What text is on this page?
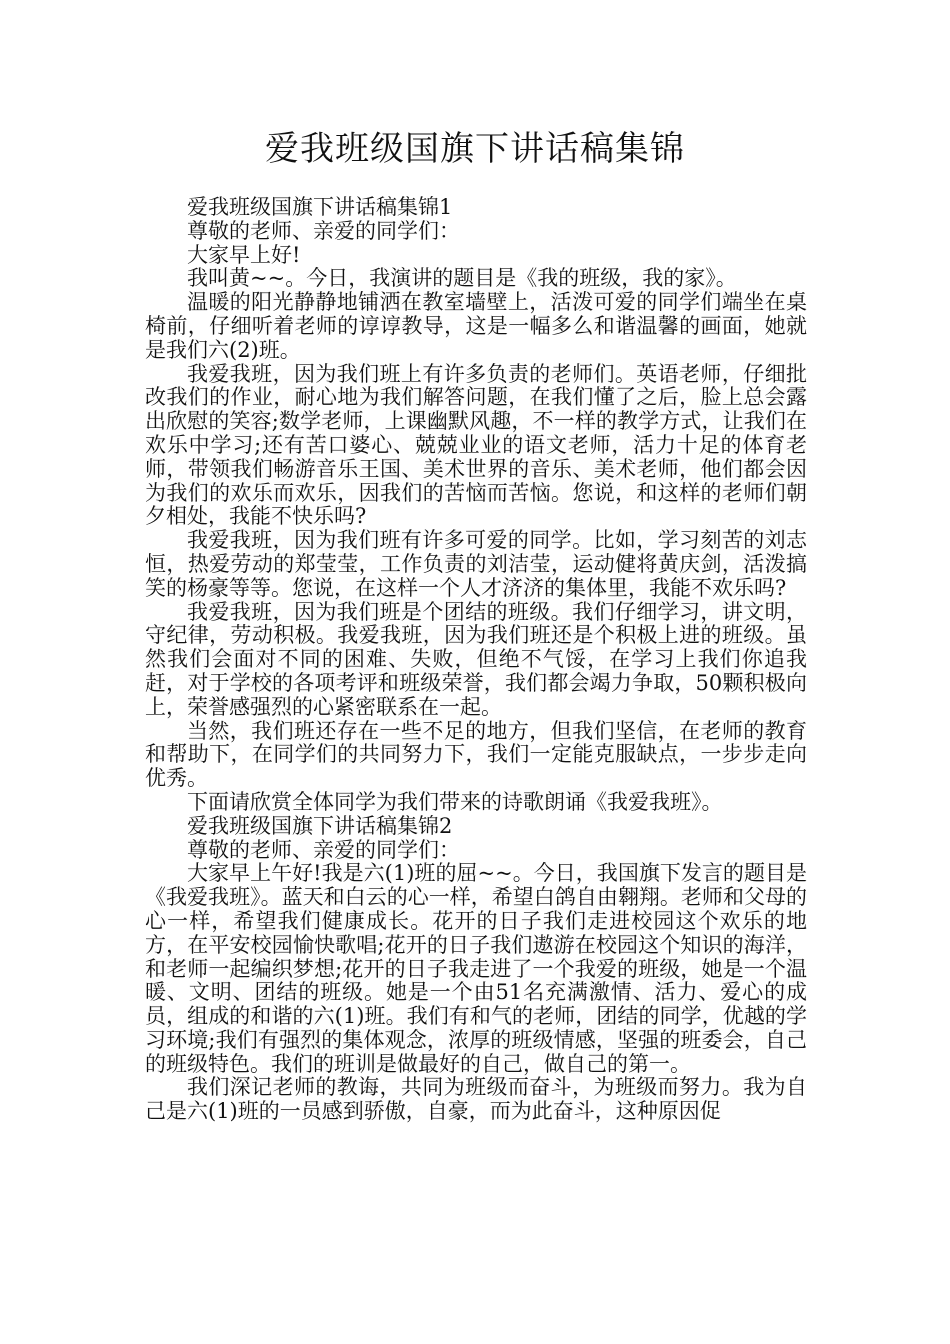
爱我班级国旗下讲话稿集锦

爱我班级国旗下讲话稿集锦1

尊敬的老师、亲爱的同学们：

大家早上好!

我叫黄~~。今日，我演讲的题目是《我的班级，我的家》。

温暖的阳光静静地铺洒在教室墙壁上，活泼可爱的同学们端坐在桌椅前，仔细听着老师的谆谆教导，这是一幅多么和谐温馨的画面，她就是我们六(2)班。

我爱我班，因为我们班上有许多负责的老师们。英语老师，仔细批改我们的作业，耐心地为我们解答问题，在我们懂了之后，脸上总会露出欣慰的笑容;数学老师，上课幽默风趣，不一样的教学方式，让我们在欢乐中学习;还有苦口婆心、兢兢业业的语文老师，活力十足的体育老师，带领我们畅游音乐王国、美术世界的音乐、美术老师，他们都会因为我们的欢乐而欢乐，因我们的苦恼而苦恼。您说，和这样的老师们朝夕相处，我能不快乐吗?

我爱我班，因为我们班有许多可爱的同学。比如，学习刻苦的刘志恒，热爱劳动的郑莹莹，工作负责的刘洁莹，运动健将黄庆剑，活泼搞笑的杨豪等等。您说，在这样一个人才济济的集体里，我能不欢乐吗?

我爱我班，因为我们班是个团结的班级。我们仔细学习，讲文明，守纪律，劳动积极。我爱我班，因为我们班还是个积极上进的班级。虽然我们会面对不同的困难、失败，但绝不气馁，在学习上我们你追我赶，对于学校的各项考评和班级荣誉，我们都会竭力争取，50颗积极向上，荣誉感强烈的心紧密联系在一起。

当然，我们班还存在一些不足的地方，但我们坚信，在老师的教育和帮助下，在同学们的共同努力下，我们一定能克服缺点，一步步走向优秀。

下面请欣赏全体同学为我们带来的诗歌朗诵《我爱我班》。

爱我班级国旗下讲话稿集锦2

尊敬的老师、亲爱的同学们：

大家早上午好!我是六(1)班的屈~~。今日，我国旗下发言的题目是《我爱我班》。蓝天和白云的心一样，希望白鸽自由翱翔。老师和父母的心一样，希望我们健康成长。花开的日子我们走进校园这个欢乐的地方，在平安校园愉快歌唱;花开的日子我们遨游在校园这个知识的海洋，和老师一起编织梦想;花开的日子我走进了一个我爱的班级，她是一个温暖、文明、团结的班级。她是一个由51名充满激情、活力、爱心的成员，组成的和谐的六(1)班。我们有和气的老师，团结的同学，优越的学习环境;我们有强烈的集体观念，浓厚的班级情感，坚强的班委会，自己的班级特色。我们的班训是做最好的自己，做自己的第一。

我们深记老师的教诲，共同为班级而奋斗，为班级而努力。我为自己是六(1)班的一员感到骄傲，自豪，而为此奋斗，这种原因促
